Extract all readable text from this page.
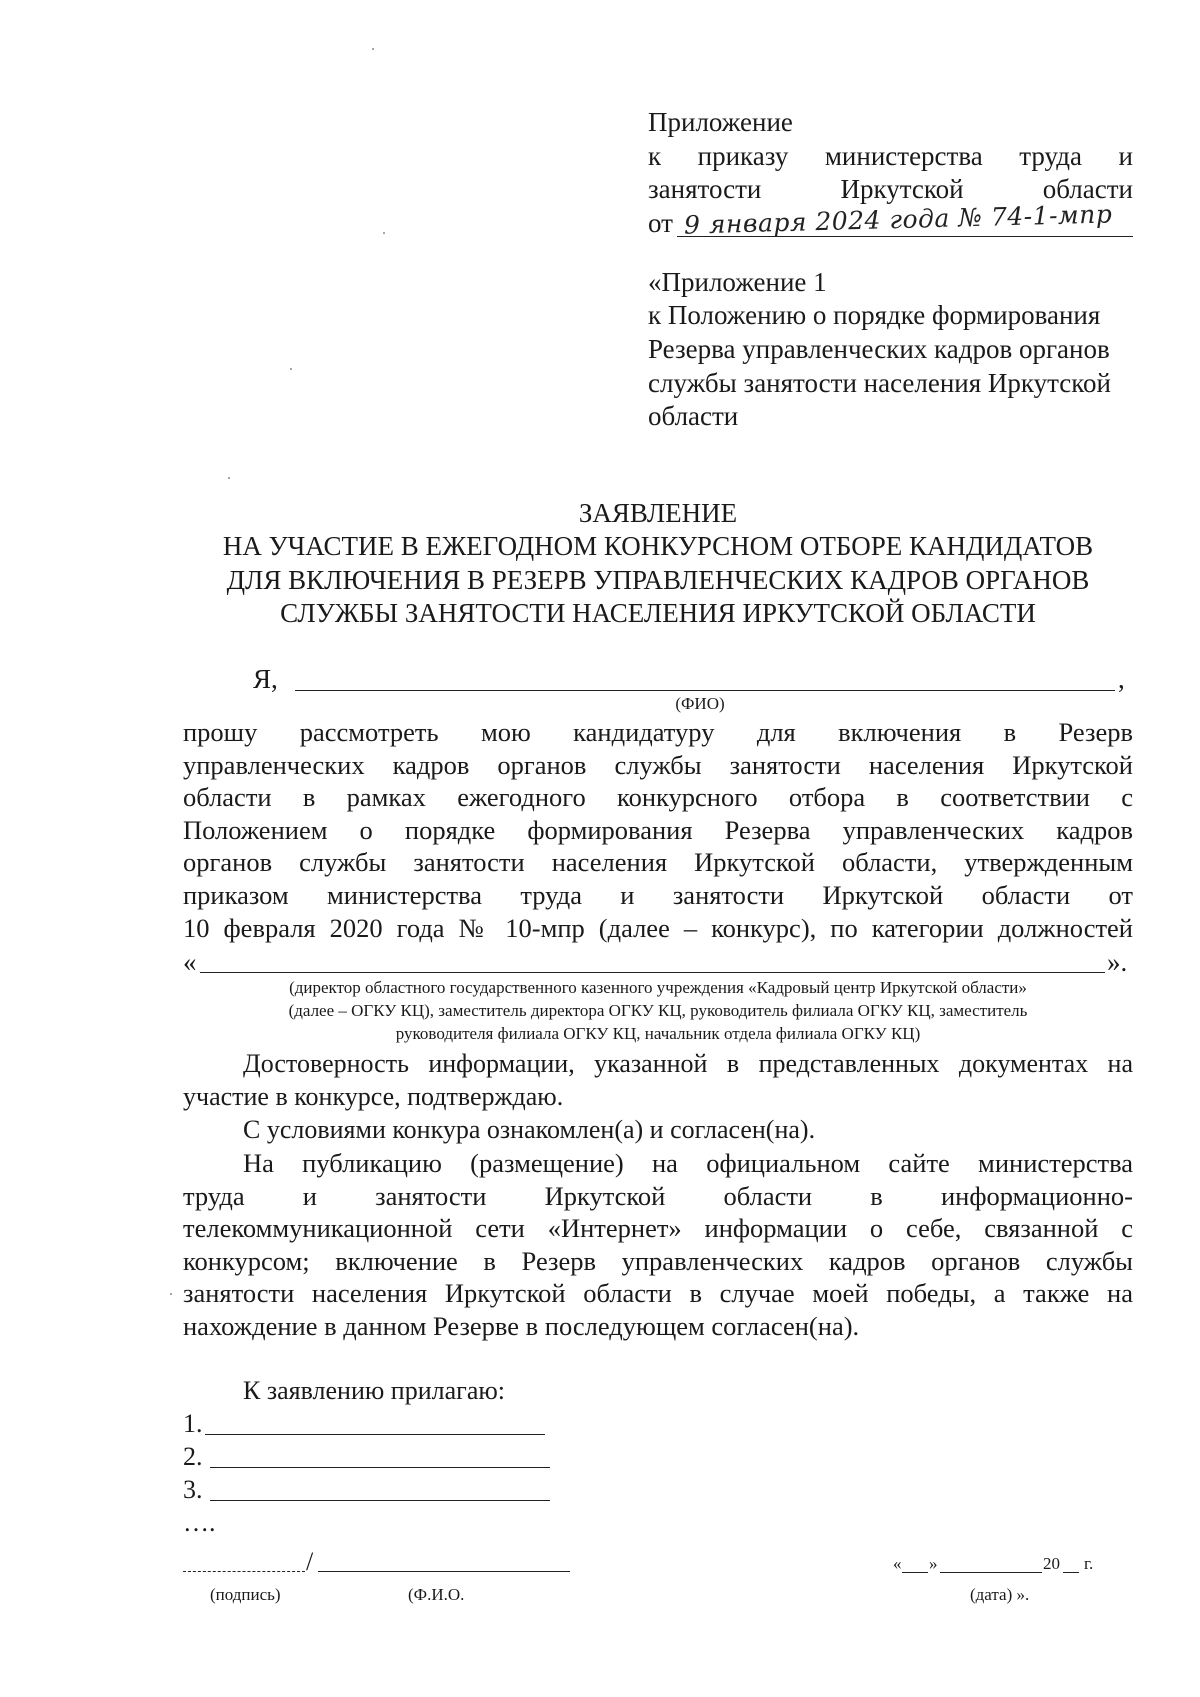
Приложение
к приказу министерства труда и
занятости Иркутской области
от 9 января 2024 года № 74-1-мпр
«Приложение 1
к Положению о порядке формирования
Резерва управленческих кадров органов
службы занятости населения Иркутской
области
ЗАЯВЛЕНИЕ
НА УЧАСТИЕ В ЕЖЕГОДНОМ КОНКУРСНОМ ОТБОРЕ КАНДИДАТОВ
ДЛЯ ВКЛЮЧЕНИЯ В РЕЗЕРВ УПРАВЛЕНЧЕСКИХ КАДРОВ ОРГАНОВ
СЛУЖБЫ ЗАНЯТОСТИ НАСЕЛЕНИЯ ИРКУТСКОЙ ОБЛАСТИ
Я,	,
(ФИО)
прошу рассмотреть мою кандидатуру для включения в Резерв
управленческих кадров органов службы занятости населения Иркутской
области в рамках ежегодного конкурсного отбора в соответствии с
Положением о порядке формирования Резерва управленческих кадров
органов службы занятости населения Иркутской области, утвержденным
приказом министерства труда и занятости Иркутской области от
10 февраля 2020 года № 10-мпр (далее – конкурс), по категории должностей
«	».
(директор областного государственного казенного учреждения «Кадровый центр Иркутской области»
(далее – ОГКУ КЦ), заместитель директора ОГКУ КЦ, руководитель филиала ОГКУ КЦ, заместитель
руководителя филиала ОГКУ КЦ, начальник отдела филиала ОГКУ КЦ)
Достоверность информации, указанной в представленных документах на
участие в конкурсе, подтверждаю.
С условиями конкура ознакомлен(а) и согласен(на).
На публикацию (размещение) на официальном сайте министерства
труда и занятости Иркутской области в информационно-
телекоммуникационной сети «Интернет» информации о себе, связанной с
конкурсом; включение в Резерв управленческих кадров органов службы
занятости населения Иркутской области в случае моей победы, а также на
нахождение в данном Резерве в последующем согласен(на).
К заявлению прилагаю:
1.
2.
3.
….
/
(подпись)	(Ф.И.О.
« »	20 г.
(дата) ».
